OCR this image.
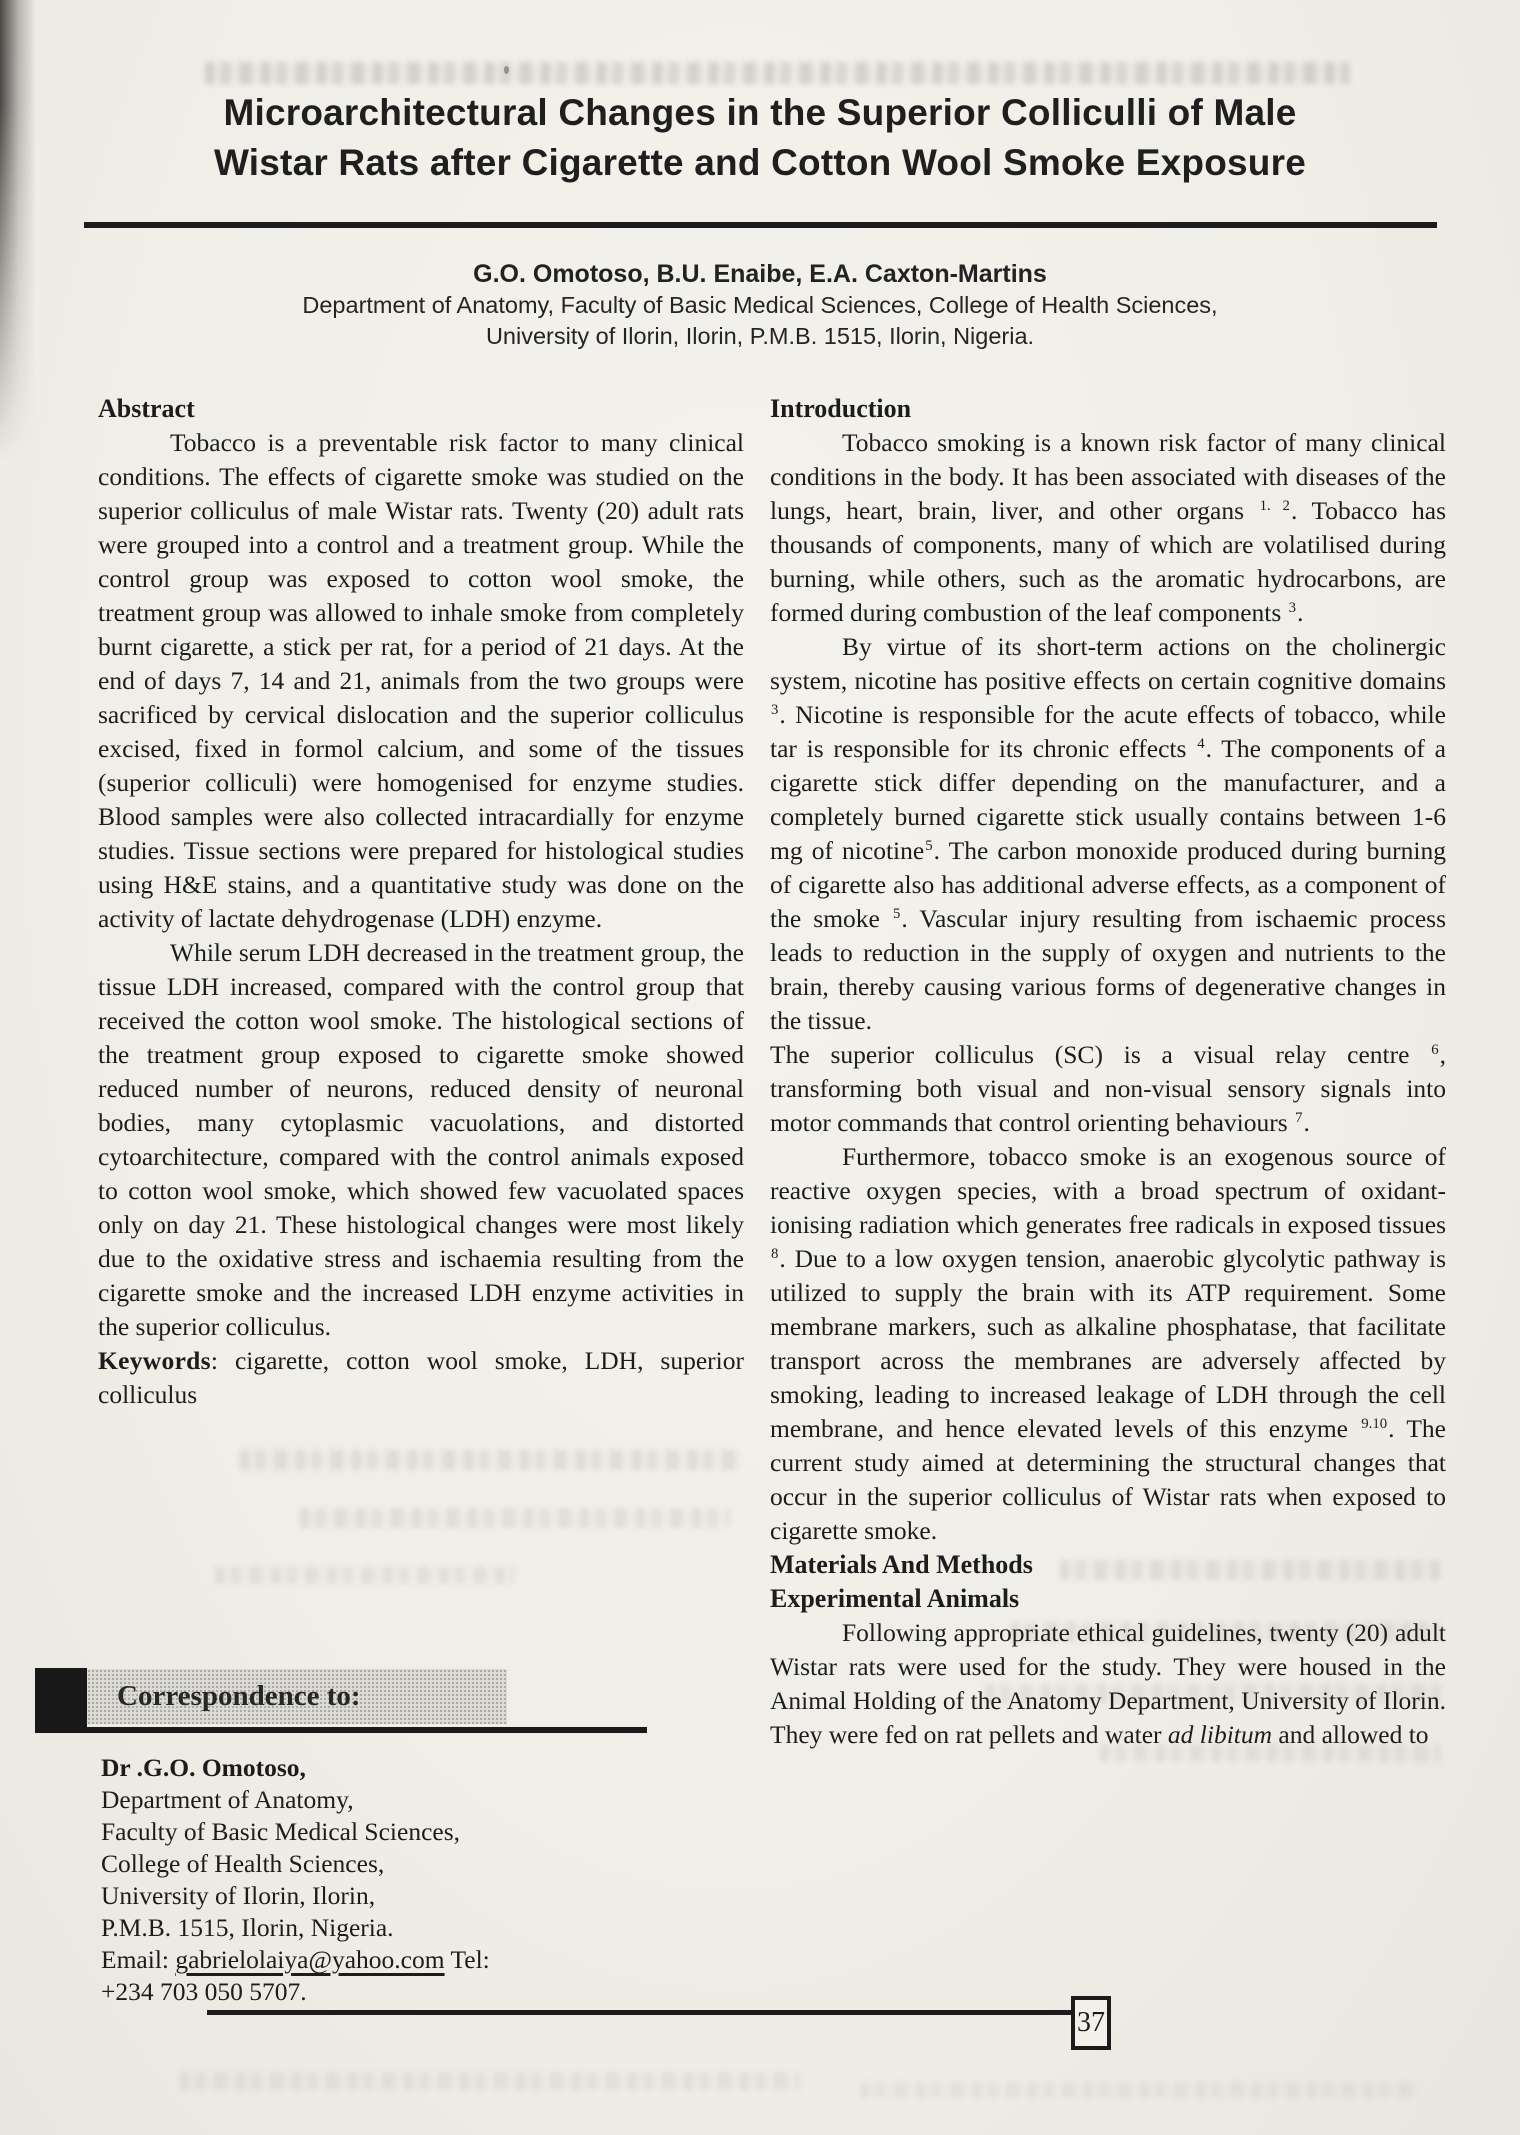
Microarchitectural Changes in the Superior Colliculli of Male
Wistar Rats after Cigarette and Cotton Wool Smoke Exposure
G.O. Omotoso, B.U. Enaibe, E.A. Caxton-Martins
Department of Anatomy, Faculty of Basic Medical Sciences, College of Health Sciences,
University of Ilorin, Ilorin, P.M.B. 1515, Ilorin, Nigeria.
Abstract

Tobacco is a preventable risk factor to many clinical conditions. The effects of cigarette smoke was studied on the superior colliculus of male Wistar rats. Twenty (20) adult rats were grouped into a control and a treatment group. While the control group was exposed to cotton wool smoke, the treatment group was allowed to inhale smoke from completely burnt cigarette, a stick per rat, for a period of 21 days. At the end of days 7, 14 and 21, animals from the two groups were sacrificed by cervical dislocation and the superior colliculus excised, fixed in formol calcium, and some of the tissues (superior colliculi) were homogenised for enzyme studies. Blood samples were also collected intracardially for enzyme studies. Tissue sections were prepared for histological studies using H&E stains, and a quantitative study was done on the activity of lactate dehydrogenase (LDH) enzyme.

While serum LDH decreased in the treatment group, the tissue LDH increased, compared with the control group that received the cotton wool smoke. The histological sections of the treatment group exposed to cigarette smoke showed reduced number of neurons, reduced density of neuronal bodies, many cytoplasmic vacuolations, and distorted cytoarchitecture, compared with the control animals exposed to cotton wool smoke, which showed few vacuolated spaces only on day 21. These histological changes were most likely due to the oxidative stress and ischaemia resulting from the cigarette smoke and the increased LDH enzyme activities in the superior colliculus.

Keywords: cigarette, cotton wool smoke, LDH, superior colliculus

Introduction

Tobacco smoking is a known risk factor of many clinical conditions in the body. It has been associated with diseases of the lungs, heart, brain, liver, and other organs $^{1. 2}$. Tobacco has thousands of components, many of which are volatilised during burning, while others, such as the aromatic hydrocarbons, are formed during combustion of the leaf components $^3$.

By virtue of its short-term actions on the cholinergic system, nicotine has positive effects on certain cognitive domains $^3$. Nicotine is responsible for the acute effects of tobacco, while tar is responsible for its chronic effects $^4$. The components of a cigarette stick differ depending on the manufacturer, and a completely burned cigarette stick usually contains between 1-6 mg of nicotine$^5$. The carbon monoxide produced during burning of cigarette also has additional adverse effects, as a component of the smoke $^5$. Vascular injury resulting from ischaemic process leads to reduction in the supply of oxygen and nutrients to the brain, thereby causing various forms of degenerative changes in the tissue.

The superior colliculus (SC) is a visual relay centre $^6$, transforming both visual and non-visual sensory signals into motor commands that control orienting behaviours $^7$.

Furthermore, tobacco smoke is an exogenous source of reactive oxygen species, with a broad spectrum of oxidant-ionising radiation which generates free radicals in exposed tissues $^8$. Due to a low oxygen tension, anaerobic glycolytic pathway is utilized to supply the brain with its ATP requirement. Some membrane markers, such as alkaline phosphatase, that facilitate transport across the membranes are adversely affected by smoking, leading to increased leakage of LDH through the cell membrane, and hence elevated levels of this enzyme $^{9.10}$. The current study aimed at determining the structural changes that occur in the superior colliculus of Wistar rats when exposed to cigarette smoke.

Materials And Methods
Experimental Animals

Following appropriate ethical guidelines, twenty (20) adult Wistar rats were used for the study. They were housed in the Animal Holding of the Anatomy Department, University of Ilorin. They were fed on rat pellets and water ad libitum and allowed to

Correspondence to:
Dr .G.O. Omotoso,
Department of Anatomy,
Faculty of Basic Medical Sciences,
College of Health Sciences,
University of Ilorin, Ilorin,
P.M.B. 1515, Ilorin, Nigeria.
Email: gabrielolaiya@yahoo.com Tel:
+234 703 050 5707.
37
